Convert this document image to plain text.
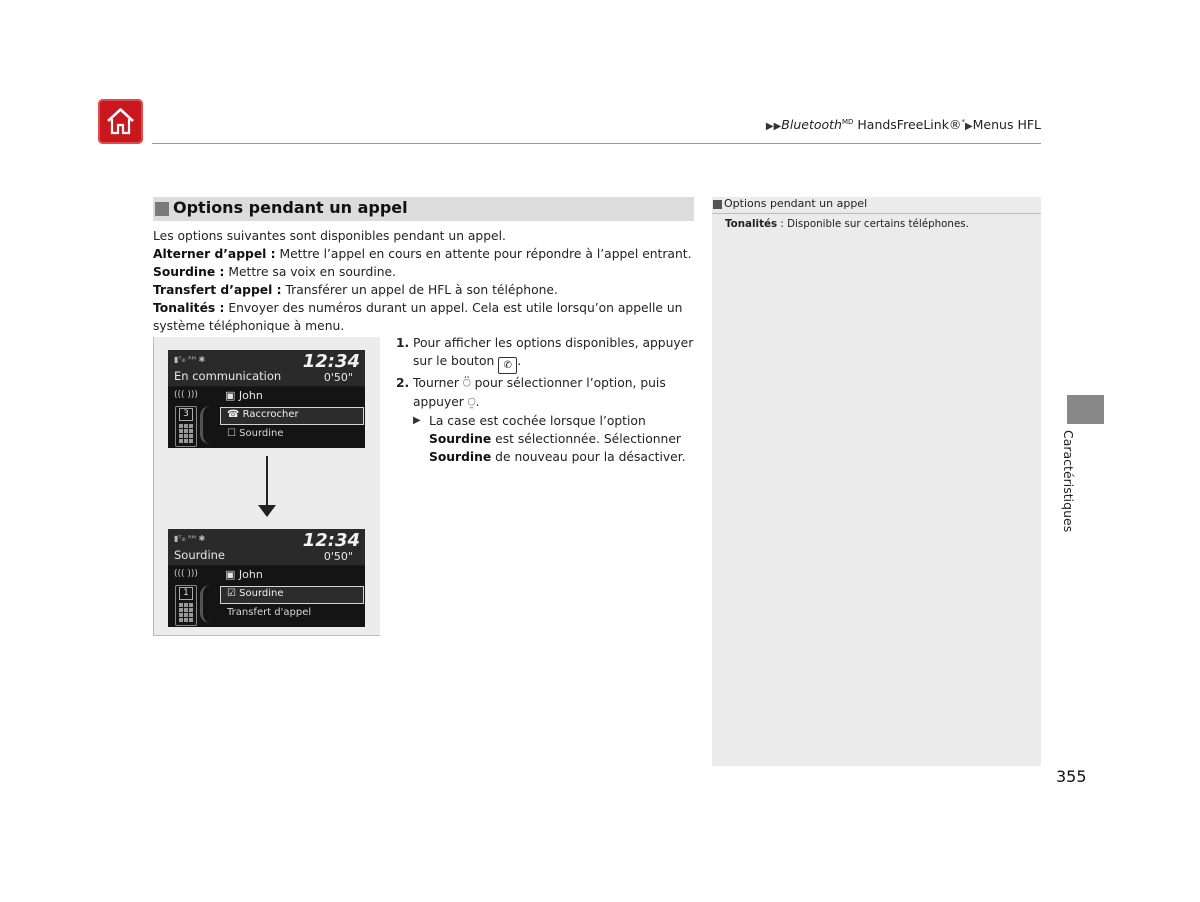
▶▶Bluetooth$^{MD}$ HandsFreeLink®*▶Menus HFL
Options pendant un appel
Les options suivantes sont disponibles pendant un appel.
Alterner d’appel : Mettre l’appel en cours en attente pour répondre à l’appel entrant.
Sourdine : Mettre sa voix en sourdine.
Transfert d’appel : Transférer un appel de HFL à son téléphone.
Tonalités : Envoyer des numéros durant un appel. Cela est utile lorsqu’on appelle un système téléphonique à menu.
▮ᵀᵢₗₗ ᴿᴹ ✱	12:34
En communication	0'50"
((( ))) ▣ John
3	☎ Raccrocher
☐ Sourdine
▮ᵀᵢₗₗ ᴿᴹ ✱	12:34
Sourdine	0'50"
((( ))) ▣ John
1	☑ Sourdine
Transfert d'appel
1. Pour afficher les options disponibles, appuyer sur le bouton ✆ .
2. Tourner ⍥ pour sélectionner l’option, puis appuyer ⍜.
▶ La case est cochée lorsque l’option Sourdine est sélectionnée. Sélectionner Sourdine de nouveau pour la désactiver.
Options pendant un appel
Tonalités : Disponible sur certains téléphones.
Caractéristiques
355
